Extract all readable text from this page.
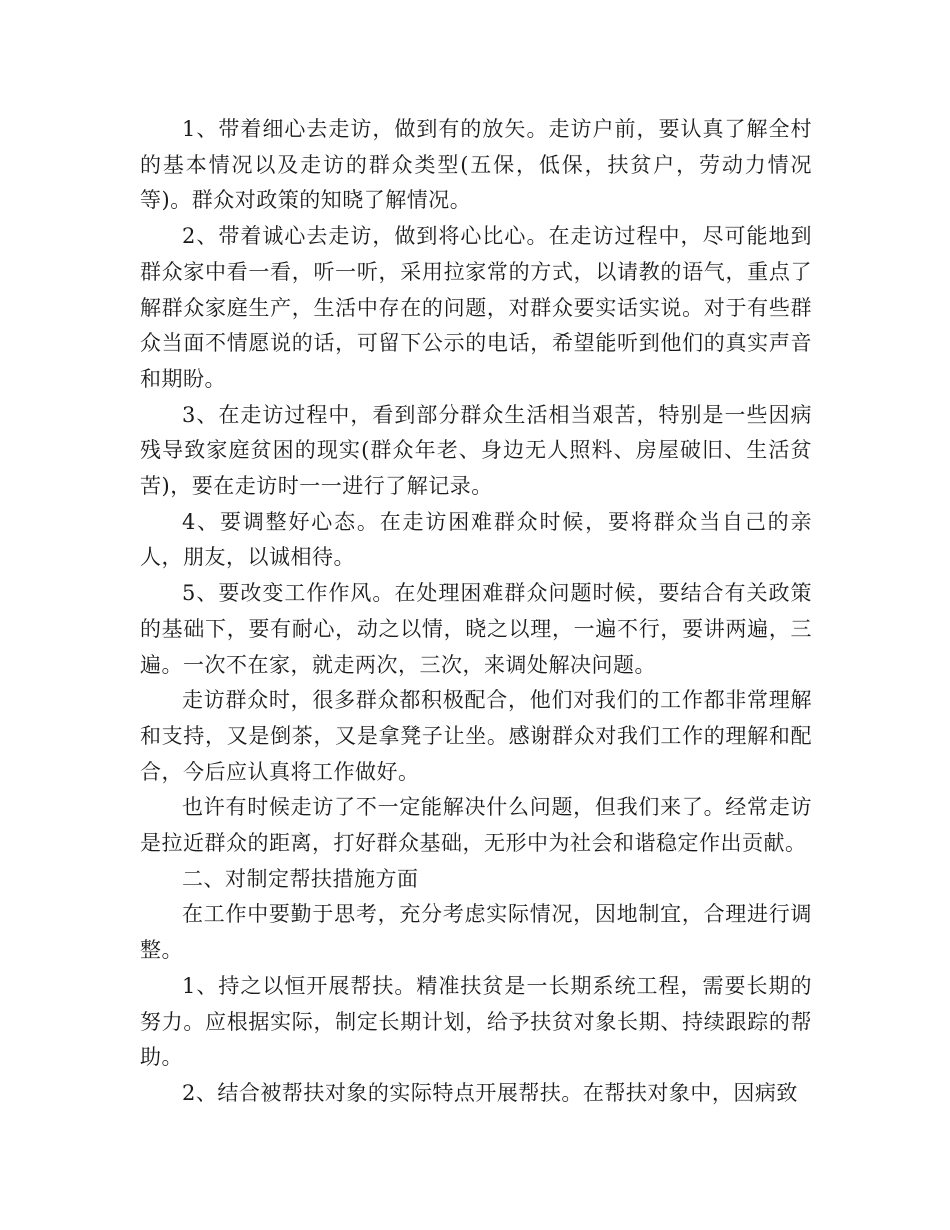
1、带着细心去走访，做到有的放矢。走访户前，要认真了解全村的基本情况以及走访的群众类型(五保，低保，扶贫户，劳动力情况等)。群众对政策的知晓了解情况。

2、带着诚心去走访，做到将心比心。在走访过程中，尽可能地到群众家中看一看，听一听，采用拉家常的方式，以请教的语气，重点了解群众家庭生产，生活中存在的问题，对群众要实话实说。对于有些群众当面不情愿说的话，可留下公示的电话，希望能听到他们的真实声音和期盼。

3、在走访过程中，看到部分群众生活相当艰苦，特别是一些因病残导致家庭贫困的现实(群众年老、身边无人照料、房屋破旧、生活贫苦)，要在走访时一一进行了解记录。

4、要调整好心态。在走访困难群众时候，要将群众当自己的亲人，朋友，以诚相待。

5、要改变工作作风。在处理困难群众问题时候，要结合有关政策的基础下，要有耐心，动之以情，晓之以理，一遍不行，要讲两遍，三遍。一次不在家，就走两次，三次，来调处解决问题。

走访群众时，很多群众都积极配合，他们对我们的工作都非常理解和支持，又是倒茶，又是拿凳子让坐。感谢群众对我们工作的理解和配合，今后应认真将工作做好。

也许有时候走访了不一定能解决什么问题，但我们来了。经常走访是拉近群众的距离，打好群众基础，无形中为社会和谐稳定作出贡献。

二、对制定帮扶措施方面

在工作中要勤于思考，充分考虑实际情况，因地制宜，合理进行调整。

1、持之以恒开展帮扶。精准扶贫是一长期系统工程，需要长期的努力。应根据实际，制定长期计划，给予扶贫对象长期、持续跟踪的帮助。

2、结合被帮扶对象的实际特点开展帮扶。在帮扶对象中，因病致
